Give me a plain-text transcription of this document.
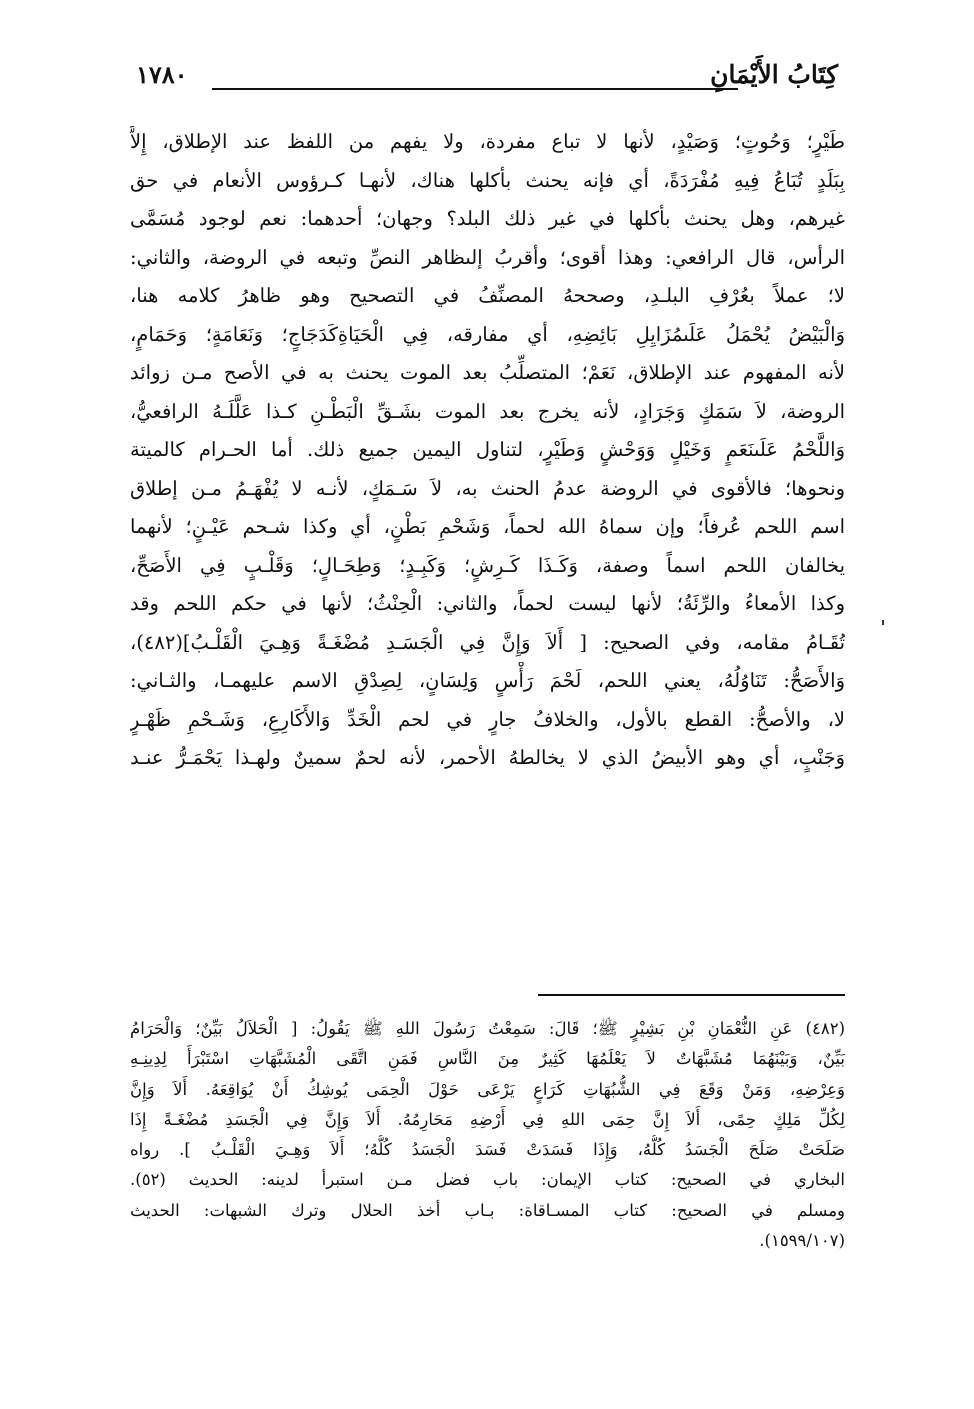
كِتَابُ الأَيْمَانِ
١٧٨٠
طَيْرٍ؛ وَحُوتٍ؛ وَصَيْدٍ، لأنها لا تباع مفردة، ولا يفهم من اللفظ عند الإطلاق، إِلاَّ
بِبَلَدٍ تُبَاعُ فِيهِ مُفْرَدَةً، أي فإنه يحنث بأكلها هناك، لأنهـا كـرؤوس الأنعام في حق
غيرهم، وهل يحنث بأكلها في غير ذلك البلد؟ وجهان؛ أحدهما: نعم لوجود مُسَمَّى
الرأس، قال الرافعي: وهذا أقوى؛ وأقربُ إلىظاهر النصِّ وتبعه في الروضة، والثاني:
لا؛ عملاً بعُرْفِ البلـدِ، وصححهُ المصنِّفُ في التصحيح وهو ظاهرُ كلامه هنا،
وَالْبَيْضُ يُحْمَلُ عَلَىمُزَايِلِ بَائِضِهِ، أي مفارقه، فِي الْحَيَاةِكَدَجَاجٍ؛ وَنَعَامَةٍ؛ وَحَمَامٍ،
لأنه المفهوم عند الإطلاق، نَعَمْ؛ المتصلِّبُ بعد الموت يحنث به في الأصح مـن زوائد
الروضة، لاَ سَمَكٍ وَجَرَادٍ، لأنه يخرج بعد الموت بشَـقِّ الْبَطْـنِ كـذا عَلَّلَـهُ الرافعيُّ،
وَاللَّحْمُ عَلَىنَعَمٍ وَخَيْلٍ وَوَحْشٍ وَطَيْرٍ، لتناول اليمين جميع ذلك. أما الحـرام كالميتة
ونحوها؛ فالأقوى في الروضة عدمُ الحنث به، لاَ سَـمَكٍ، لأنـه لا يُفْهَـمُ مـن إطلاق
اسم اللحم عُرفاً؛ وإن سماهُ الله لحماً، وَشَحْمِ بَطْنٍ، أي وكذا شـحم عَيْـنٍ؛ لأنهما
يخالفان اللحم اسماً وصفة، وَكَـذَا كَـرِشٍ؛ وَكَبِـدٍ؛ وَطِحَـالٍ؛ وَقَلْـبٍ فِي الأَصَحِّ،
وكذا الأمعاءُ والرِّئَةُ؛ لأنها ليست لحماً، والثاني: الْحِنْثُ؛ لأنها في حكم اللحم وقد
تُقَـامُ مقامه، وفي الصحيح: [ أَلاَ وَإِنَّ فِي الْجَسَـدِ مُضْغَـةً وَهِـيَ الْقَلْـبُ](٤٨٢)،
وَالأَصَحُّ: تَنَاوُلُهُ، يعني اللحم، لَحْمَ رَأْسٍ وَلِسَانٍ، لِصِدْقِ الاسم عليهمـا، والثـاني:
لا، والأصحُّ: القطع بالأول، والخلافُ جارٍ في لحم الْخَدِّ وَالأَكَارِعِ، وَشَـحْمِ ظَهْـرٍ
وَجَنْبٍ، أي وهو الأبيضُ الذي لا يخالطهُ الأحمر، لأنه لحمٌ سمينٌ ولهـذا يَحْمَـرُّ عنـد
(٤٨٢) عَنِ النُّعْمَانِ بْنِ بَشِيْرٍ ﷺ؛ قَالَ: سَمِعْتُ رَسُولَ اللهِ ﷺ يَقُولُ: [ الْحَلاَلُ بَيِّنٌ؛ وَالْحَرَامُ
بَيِّنٌ، وَبَيْنَهُمَا مُشَبَّهَاتٌ لاَ يَعْلَمُهَا كَثِيرٌ مِنَ النَّاسِ فَمَنِ اتَّقَى الْمُشَبَّهَاتِ اسْتَبْرَأَ لِدِينِـهِ
وَعِرْضِهِ، وَمَنْ وَقَعَ فِي الشُّبُهَاتِ كَرَاعٍ يَرْعَى حَوْلَ الْحِمَى يُوشِكُ أَنْ يُوَاقِعَهُ. أَلاَ وَإِنَّ
لِكُلِّ مَلِكٍ حِمًى، أَلاَ إِنَّ حِمَى اللهِ فِي أَرْضِهِ مَحَارِمُهُ. أَلاَ وَإِنَّ فِي الْجَسَدِ مُضْغَـةً إِذَا
صَلَحَتْ صَلَحَ الْجَسَدُ كُلُّهُ، وَإِذَا فَسَدَتْ فَسَدَ الْجَسَدُ كُلُّهُ؛ أَلاَ وَهِـيَ الْقَلْـبُ ]. رواه
البخاري في الصحيح: كتاب الإيمان: باب فضل مـن استبرأ لدينه: الحديث (٥٢).
ومسلم في الصحيح: كتاب المسـاقاة: بـاب أخذ الحلال وترك الشبهات: الحديث
(١٥٩٩/١٠٧).
